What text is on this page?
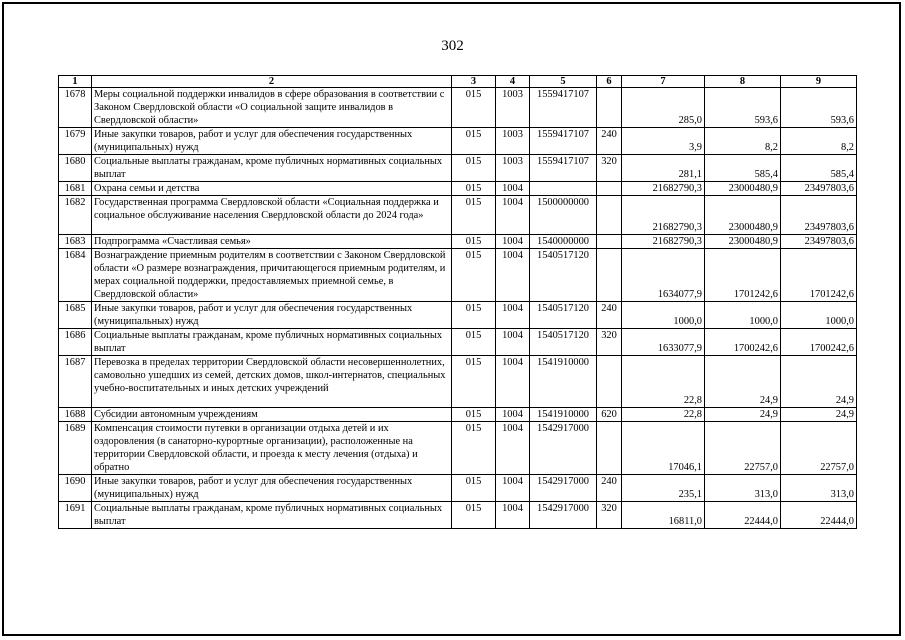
302
1	2	3	4	5	6	7	8	9
1678	Меры социальной поддержки инвалидов в сфере образования в соответствии с Законом Свердловской области «О социальной защите инвалидов в Свердловской области»	015	1003	1559417107		285,0	593,6	593,6
1679	Иные закупки товаров, работ и услуг для обеспечения государственных (муниципальных) нужд	015	1003	1559417107	240	3,9	8,2	8,2
1680	Социальные выплаты гражданам, кроме публичных нормативных социальных выплат	015	1003	1559417107	320	281,1	585,4	585,4
1681	Охрана семьи и детства	015	1004			21682790,3	23000480,9	23497803,6
1682	Государственная программа Свердловской области «Социальная поддержка и социальное обслуживание населения Свердловской области до 2024 года»	015	1004	1500000000		21682790,3	23000480,9	23497803,6
1683	Подпрограмма «Счастливая семья»	015	1004	1540000000		21682790,3	23000480,9	23497803,6
1684	Вознаграждение приемным родителям в соответствии с Законом Свердловской области «О размере вознаграждения, причитающегося приемным родителям, и мерах социальной поддержки, предоставляемых приемной семье, в Свердловской области»	015	1004	1540517120		1634077,9	1701242,6	1701242,6
1685	Иные закупки товаров, работ и услуг для обеспечения государственных (муниципальных) нужд	015	1004	1540517120	240	1000,0	1000,0	1000,0
1686	Социальные выплаты гражданам, кроме публичных нормативных социальных выплат	015	1004	1540517120	320	1633077,9	1700242,6	1700242,6
1687	Перевозка в пределах территории Свердловской области несовершеннолетних, самовольно ушедших из семей, детских домов, школ-интернатов, специальных учебно-воспитательных и иных детских учреждений	015	1004	1541910000		22,8	24,9	24,9
1688	Субсидии автономным учреждениям	015	1004	1541910000	620	22,8	24,9	24,9
1689	Компенсация стоимости путевки в организации отдыха детей и их оздоровления (в санаторно-курортные организации), расположенные на территории Свердловской области, и проезда к месту лечения (отдыха) и обратно	015	1004	1542917000		17046,1	22757,0	22757,0
1690	Иные закупки товаров, работ и услуг для обеспечения государственных (муниципальных) нужд	015	1004	1542917000	240	235,1	313,0	313,0
1691	Социальные выплаты гражданам, кроме публичных нормативных социальных выплат	015	1004	1542917000	320	16811,0	22444,0	22444,0
